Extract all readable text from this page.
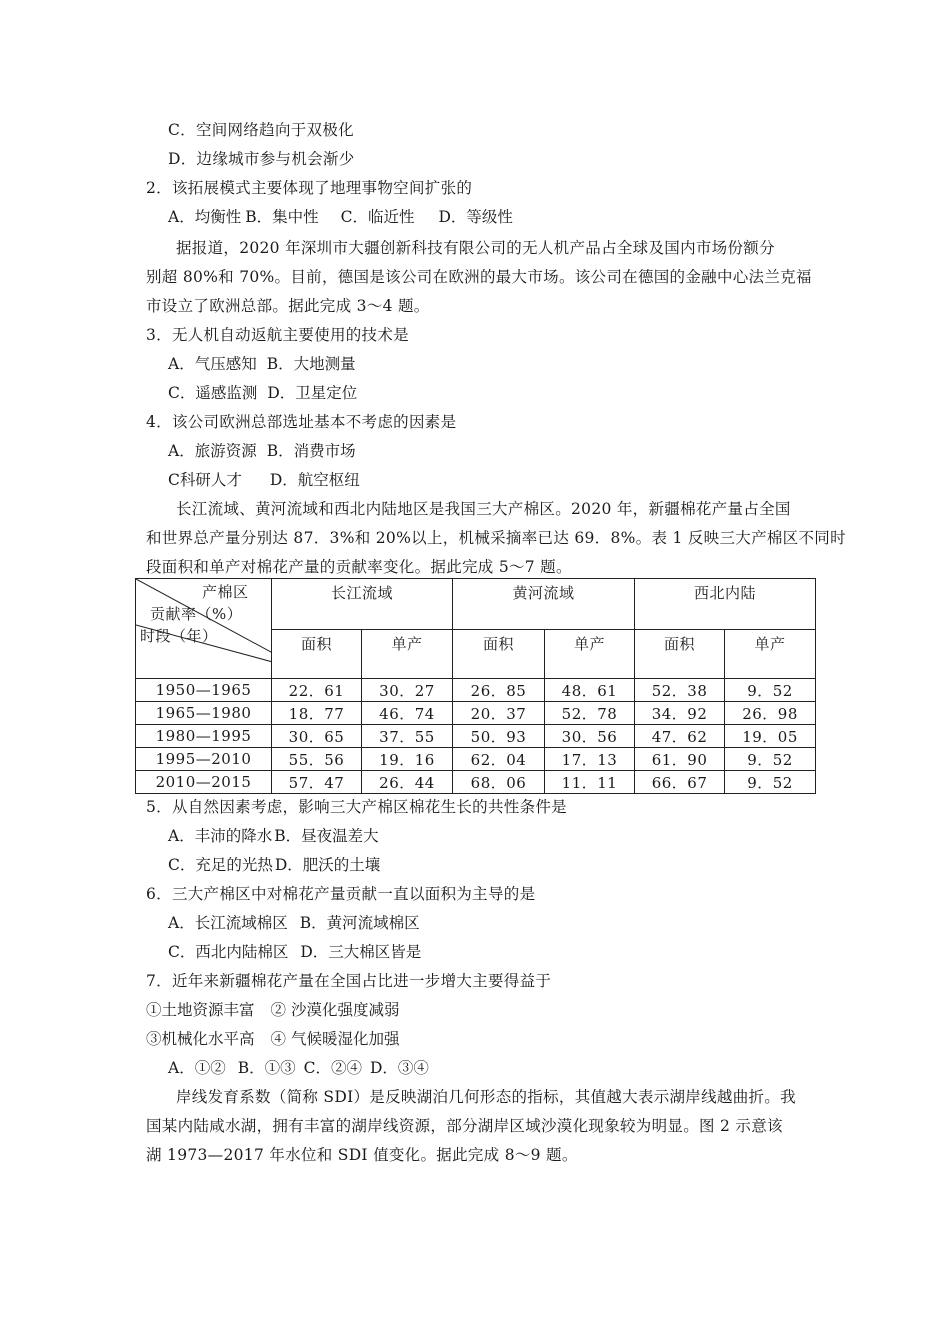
C．空间网络趋向于双极化
D．边缘城市参与机会渐少
2．该拓展模式主要体现了地理事物空间扩张的
A．均衡性 B．集中性 C．临近性 D．等级性
据报道，2020 年深圳市大疆创新科技有限公司的无人机产品占全球及国内市场份额分
别超 80%和 70%。目前，德国是该公司在欧洲的最大市场。该公司在德国的金融中心法兰克福
市设立了欧洲总部。据此完成 3～4 题。
3．无人机自动返航主要使用的技术是
A．气压感知 B．大地测量
C．遥感监测 D．卫星定位
4．该公司欧洲总部选址基本不考虑的因素是
A．旅游资源 B．消费市场
C科研人才 D．航空枢纽
长江流域、黄河流域和西北内陆地区是我国三大产棉区。2020 年，新疆棉花产量占全国
和世界总产量分别达 87．3%和 20%以上，机械采摘率已达 69．8%。表 1 反映三大产棉区不同时
段面积和单产对棉花产量的贡献率变化。据此完成 5～7 题。
产棉区
贡献率（%）
时段（年）	长江流域		黄河流域		西北内陆	
	面积	单产	面积	单产	面积	单产
1950—1965	22．61	30．27	26．85	48．61	52．38	9．52
1965—1980	18．77	46．74	20．37	52．78	34．92	26．98
1980—1995	30．65	37．55	50．93	30．56	47．62	19．05
1995—2010	55．56	19．16	62．04	17．13	61．90	9．52
2010—2015	57．47	26．44	68．06	11．11	66．67	9．52
5．从自然因素考虑，影响三大产棉区棉花生长的共性条件是
A．丰沛的降水 B．昼夜温差大
C．充足的光热 D．肥沃的土壤
6．三大产棉区中对棉花产量贡献一直以面积为主导的是
A．长江流域棉区 B．黄河流域棉区
C．西北内陆棉区 D．三大棉区皆是
7．近年来新疆棉花产量在全国占比进一步增大主要得益于
①土地资源丰富 ② 沙漠化强度减弱
③机械化水平高 ④ 气候暖湿化加强
A．①② B．①③ C．②④ D．③④
岸线发育系数（简称 SDI）是反映湖泊几何形态的指标，其值越大表示湖岸线越曲折。我
国某内陆咸水湖，拥有丰富的湖岸线资源，部分湖岸区域沙漠化现象较为明显。图 2 示意该
湖 1973—2017 年水位和 SDI 值变化。据此完成 8～9 题。
